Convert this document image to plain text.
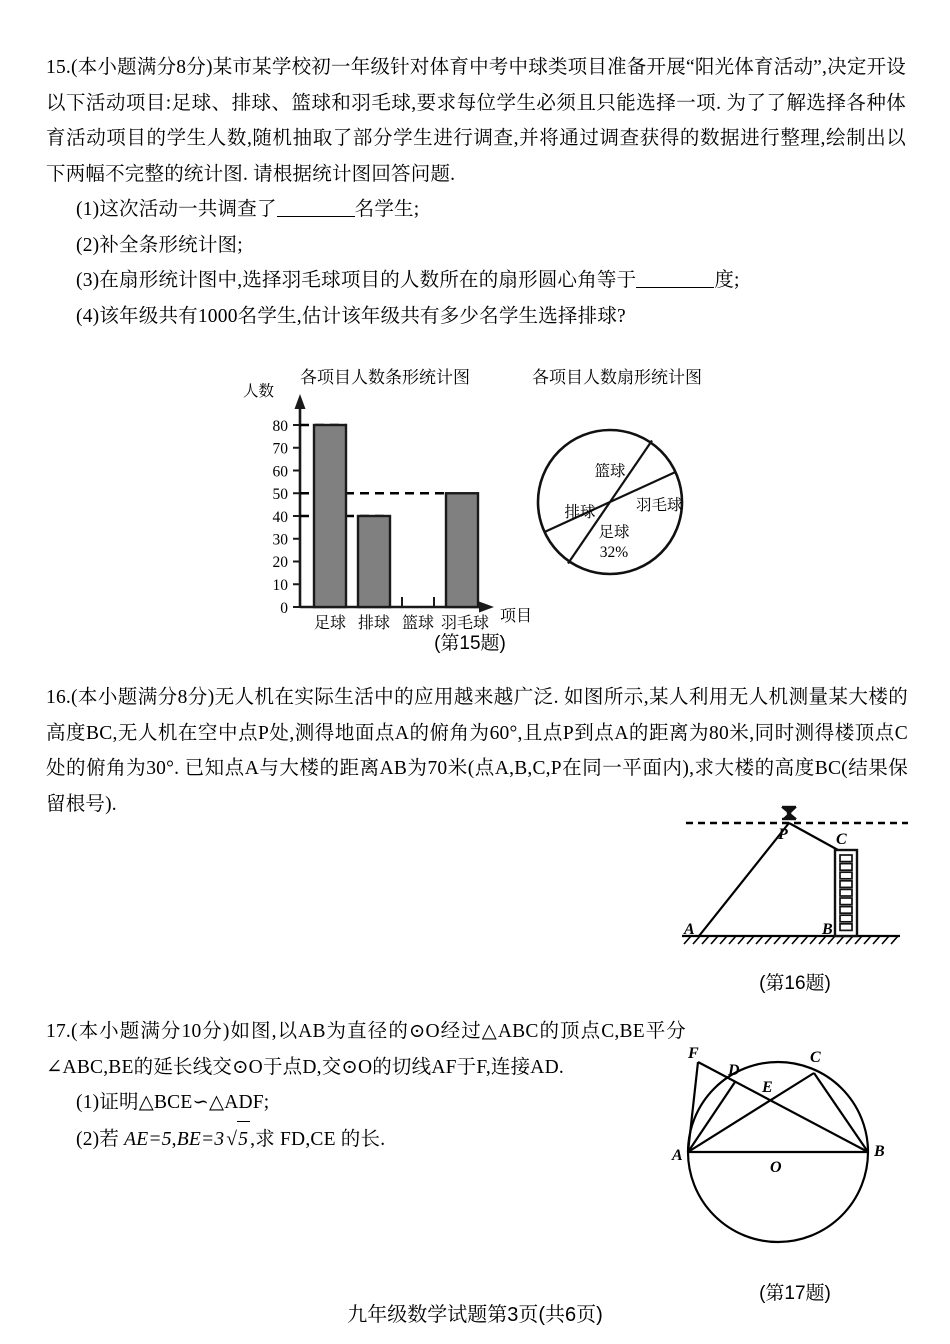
15.(本小题满分8分)某市某学校初一年级针对体育中考中球类项目准备开展“阳光体育活动”,决定开设以下活动项目:足球、排球、篮球和羽毛球,要求每位学生必须且只能选择一项. 为了了解选择各种体育活动项目的学生人数,随机抽取了部分学生进行调查,并将通过调查获得的数据进行整理,绘制出以下两幅不完整的统计图. 请根据统计图回答问题.
(1)这次活动一共调查了	名学生;
(2)补全条形统计图;
(3)在扇形统计图中,选择羽毛球项目的人数所在的扇形圆心角等于	度;
(4)该年级共有1000名学生,估计该年级共有多少名学生选择排球?
各项目人数条形统计图	各项目人数扇形统计图
人数
0
10
20
30
40
50
60
70
80
足球 排球 篮球 羽毛球 项目
篮球
羽毛球
足球
32%
排球
(第15题)
16.(本小题满分8分)无人机在实际生活中的应用越来越广泛. 如图所示,某人利用无人机测量某大楼的高度BC,无人机在空中点P处,测得地面点A的俯角为60°,且点P到点A的距离为80米,同时测得楼顶点C处的俯角为30°. 已知点A与大楼的距离AB为70米(点A,B,C,P在同一平面内),求大楼的高度BC(结果保留根号).
P	C
A	B
(第16题)
17.(本小题满分10分)如图,以AB为直径的⊙O经过△ABC的顶点C,BE平分∠ABC,BE的延长线交⊙O于点D,交⊙O的切线AF于F,连接AD.
(1)证明△BCE∽△ADF;
(2)若 AE=5,BE=3 √5 ,求 FD,CE 的长.
F	C
D
E
A	B
O
(第17题)
九年级数学试题第3页(共6页)
